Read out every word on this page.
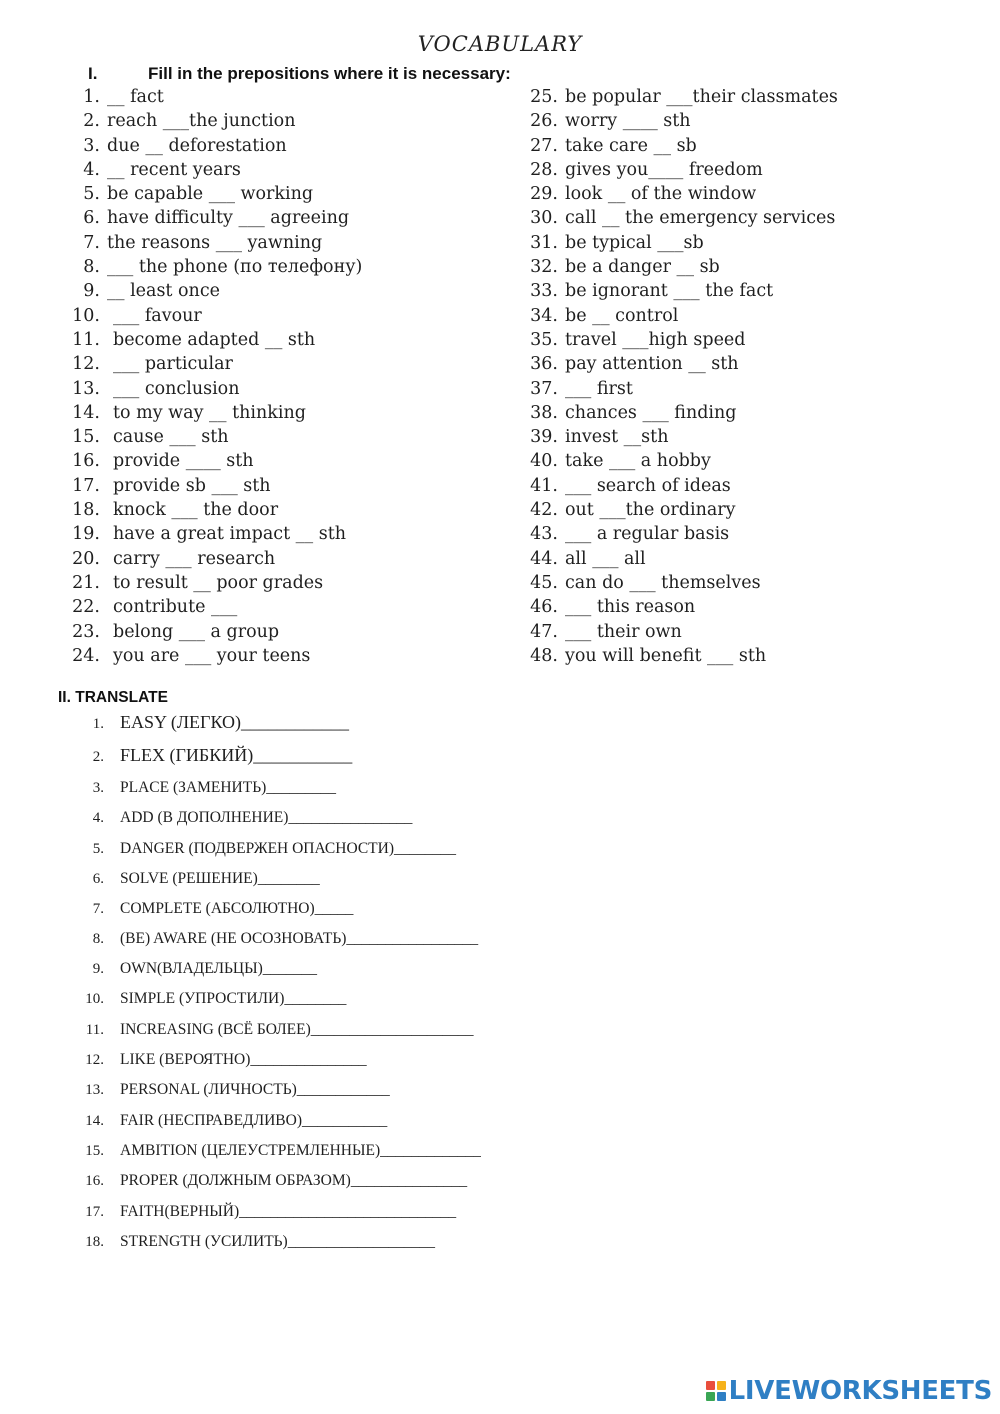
VOCABULARY
I.	Fill in the prepositions where it is necessary:
1. __ fact
2. reach ___the junction
3. due __ deforestation
4. __ recent years
5. be capable ___ working
6. have difficulty ___ agreeing
7. the reasons ___ yawning
8. ___ the phone (по телефону)
9. __ least once
10. ___ favour
11. become adapted __ sth
12. ___ particular
13. ___ conclusion
14. to my way __ thinking
15. cause ___ sth
16. provide ____ sth
17. provide sb ___ sth
18. knock ___ the door
19. have a great impact __ sth
20. carry ___ research
21. to result __ poor grades
22. contribute ___
23. belong ___ a group
24. you are ___ your teens
25. be popular ___their classmates
26. worry ____ sth
27. take care __ sb
28. gives you____ freedom
29. look __ of the window
30. call __ the emergency services
31. be typical ___sb
32. be a danger __ sb
33. be ignorant ___ the fact
34. be __ control
35. travel ___high speed
36. pay attention __ sth
37. ___ first
38. chances ___ finding
39. invest __sth
40. take ___ a hobby
41. ___ search of ideas
42. out ___the ordinary
43. ___ a regular basis
44. all ___ all
45. can do ___ themselves
46. ___ this reason
47. ___ their own
48. you will benefit ___ sth
II. TRANSLATE
1. EASY (ЛЕГКО)____________
2. FLEX (ГИБКИЙ)___________
3. PLACE (ЗАМЕНИТЬ)_________
4. ADD (В ДОПОЛНЕНИЕ)________________
5. DANGER (ПОДВЕРЖЕН ОПАСНОСТИ)________
6. SOLVE (РЕШЕНИЕ)________
7. COMPLETE (АБСОЛЮТНО)_____
8. (BE) AWARE (НЕ ОСОЗНОВАТЬ)_________________
9. OWN(ВЛАДЕЛЬЦЫ)_______
10. SIMPLE (УПРОСТИЛИ)________
11. INCREASING (ВСЁ БОЛЕЕ)_____________________
12. LIKE (ВЕРОЯТНО)_______________
13. PERSONAL (ЛИЧНОСТЬ)____________
14. FAIR (НЕСПРАВЕДЛИВО)___________
15. AMBITION (ЦЕЛЕУСТРЕМЛЕННЫЕ)_____________
16. PROPER (ДОЛЖНЫМ ОБРАЗОМ)_______________
17. FAITH(ВЕРНЫЙ)____________________________
18. STRENGTH (УСИЛИТЬ)___________________
LIVEWORKSHEETS
